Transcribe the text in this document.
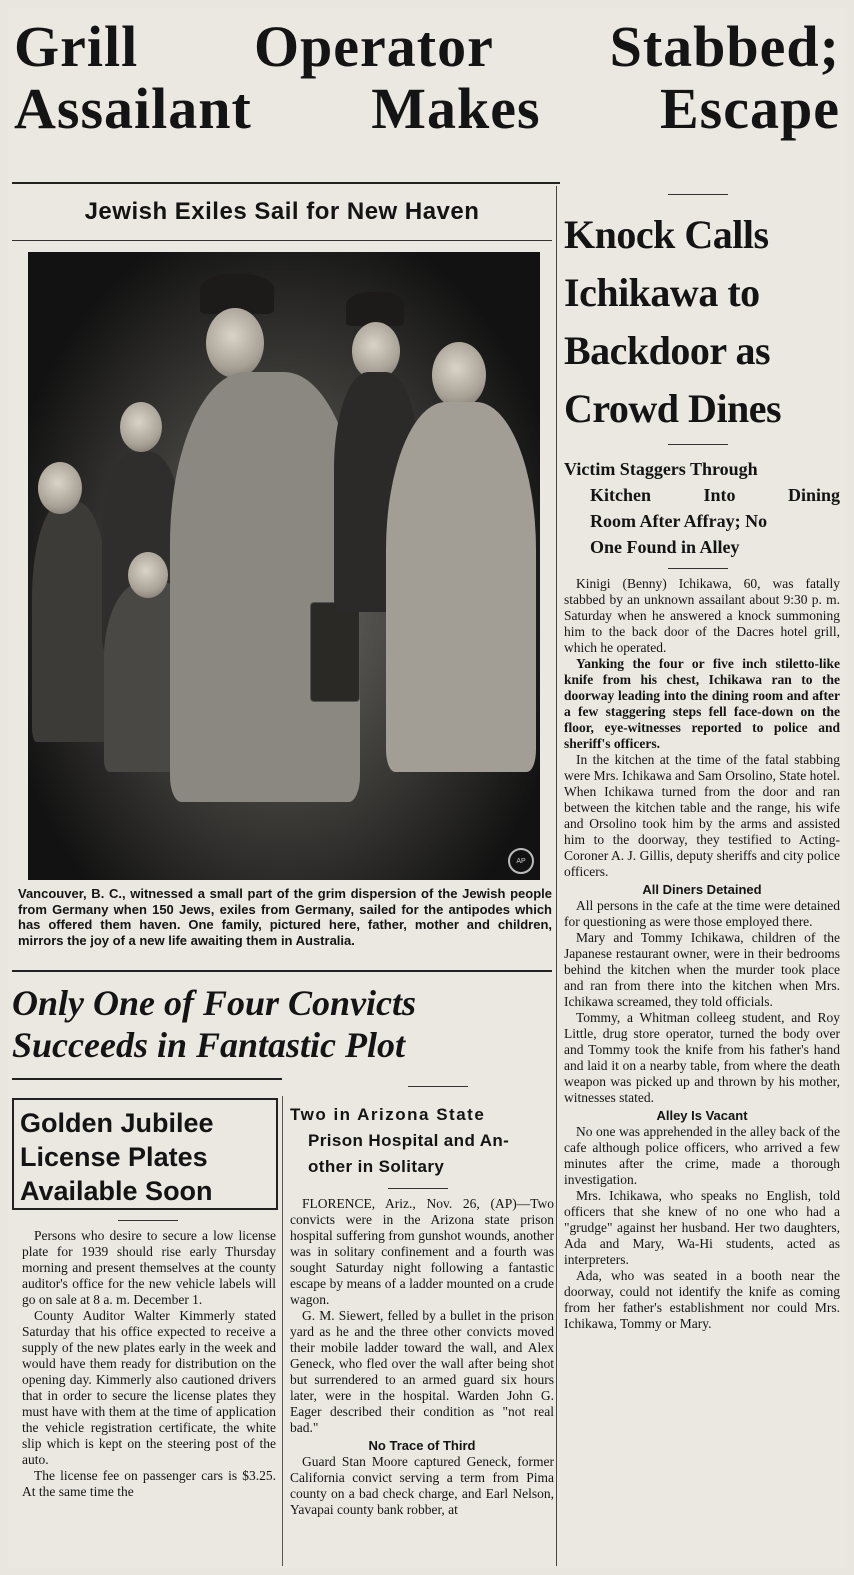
Grill Operator Stabbed;
Assailant Makes Escape
Jewish Exiles Sail for New Haven
AP
Vancouver, B. C., witnessed a small part of the grim dispersion of the Jewish people from Germany when 150 Jews, exiles from Germany, sailed for the antipodes which has offered them haven. One family, pictured here, father, mother and children, mirrors the joy of a new life awaiting them in Australia.
Only One of Four Convicts
Succeeds in Fantastic Plot
Golden Jubilee
License Plates
Available Soon

Persons who desire to secure a low license plate for 1939 should rise early Thursday morning and present themselves at the county auditor's office for the new vehicle labels will go on sale at 8 a. m. December 1.

County Auditor Walter Kimmerly stated Saturday that his office expected to receive a supply of the new plates early in the week and would have them ready for distribution on the opening day. Kimmerly also cautioned drivers that in order to secure the license plates they must have with them at the time of application the vehicle registration certificate, the white slip which is kept on the steering post of the auto.

The license fee on passenger cars is $3.25. At the same time the

Two in Arizona State
Prison Hospital and An-
other in Solitary

FLORENCE, Ariz., Nov. 26, (AP)—Two convicts were in the Arizona state prison hospital suffering from gunshot wounds, another was in solitary confinement and a fourth was sought Saturday night following a fantastic escape by means of a ladder mounted on a crude wagon.

G. M. Siewert, felled by a bullet in the prison yard as he and the three other convicts moved their mobile ladder toward the wall, and Alex Geneck, who fled over the wall after being shot but surrendered to an armed guard six hours later, were in the hospital. Warden John G. Eager described their condition as "not real bad."

No Trace of Third

Guard Stan Moore captured Geneck, former California convict serving a term from Pima county on a bad check charge, and Earl Nelson, Yavapai county bank robber, at

Knock Calls
Ichikawa to
Backdoor as
Crowd Dines
Victim Staggers Through
Kitchen	Into	Dining
Room After Affray; No
One Found in Alley

Kinigi (Benny) Ichikawa, 60, was fatally stabbed by an unknown assailant about 9:30 p. m. Saturday when he answered a knock summoning him to the back door of the Dacres hotel grill, which he operated.

Yanking the four or five inch stiletto-like knife from his chest, Ichikawa ran to the doorway leading into the dining room and after a few staggering steps fell face-down on the floor, eye-witnesses reported to police and sheriff's officers.

In the kitchen at the time of the fatal stabbing were Mrs. Ichikawa and Sam Orsolino, State hotel. When Ichikawa turned from the door and ran between the kitchen table and the range, his wife and Orsolino took him by the arms and assisted him to the doorway, they testified to Acting-Coroner A. J. Gillis, deputy sheriffs and city police officers.

All Diners Detained

All persons in the cafe at the time were detained for questioning as were those employed there.

Mary and Tommy Ichikawa, children of the Japanese restaurant owner, were in their bedrooms behind the kitchen when the murder took place and ran from there into the kitchen when Mrs. Ichikawa screamed, they told officials.

Tommy, a Whitman colleeg student, and Roy Little, drug store operator, turned the body over and Tommy took the knife from his father's hand and laid it on a nearby table, from where the death weapon was picked up and thrown by his mother, witnesses stated.

Alley Is Vacant

No one was apprehended in the alley back of the cafe although police officers, who arrived a few minutes after the crime, made a thorough investigation.

Mrs. Ichikawa, who speaks no English, told officers that she knew of no one who had a "grudge" against her husband. Her two daughters, Ada and Mary, Wa-Hi students, acted as interpreters.

Ada, who was seated in a booth near the doorway, could not identify the knife as coming from her father's establishment nor could Mrs. Ichikawa, Tommy or Mary.
